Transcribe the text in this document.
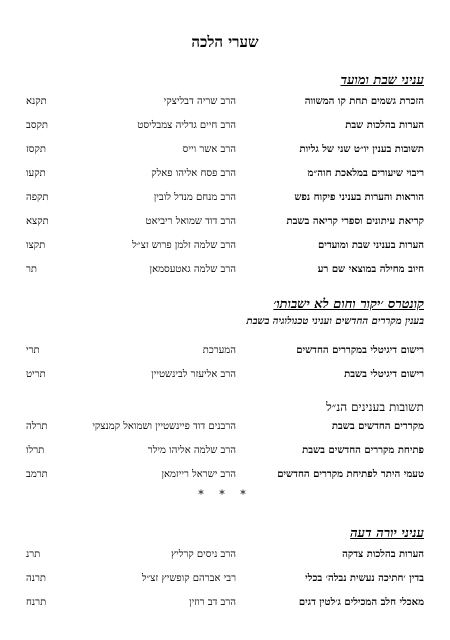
שערי הלכה
עניני שבת ומועד
הזכרת גשמים תחת קו המשווה
הרב שריה דבליצקי
תקנא
הערות בהלכות שבת
הרב חיים גדליה צמבליסט
תקסב
תשובות בענין יו״ט שני של גליות
הרב אשר וייס
תקסז
ריבוי שיעורים במלאכת חוה״מ
הרב פסח אליהו פאלק
תקעו
הוראות והערות בעניני פיקוח נפש
הרב מנחם מנדל לובין
תקפה
קריאת עיתונים וספרי קריאה בשבת
הרב דוד שמואל ריביאט
תקצא
הערות בעניני שבת ומועדים
הרב שלמה זלמן פרוש זצ״ל
תקצו
חיוב מחילה במוצאי שם רע
הרב שלמה גאטעסמאן
תר
קונטרס ׳יקור וחום לא ישבותו׳
בענין מקררים החדשים ועניני טכנולוגיה בשבת
רישום דיגיטלי במקררים החדשים
המערכת
תרי
רישום דיגיטלי בשבת
הרב אליעזר לבינשטיין
תריט
תשובות בענינים הנ״ל
מקררים החדשים בשבת
הרבנים דוד פיינשטיין ושמואל קמנצקי
תרלה
פתיחת מקררים החדשים בשבת
הרב שלמה אליהו מילר
תרלו
טעמי היתר לפתיחת מקררים החדשים
הרב ישראל רייזמאן
תרמב
* * *
עניני יורה דעה
הערות בהלכות צדקה
הרב ניסים קרליץ
תרנ
בדין ׳חתיכה נעשית נבלה׳ בכלי
רבי אברהם קופשיץ זצ״ל
תרנה
מאכלי חלב המכילים ג׳לטין דגים
הרב דב רוזין
תרנח
